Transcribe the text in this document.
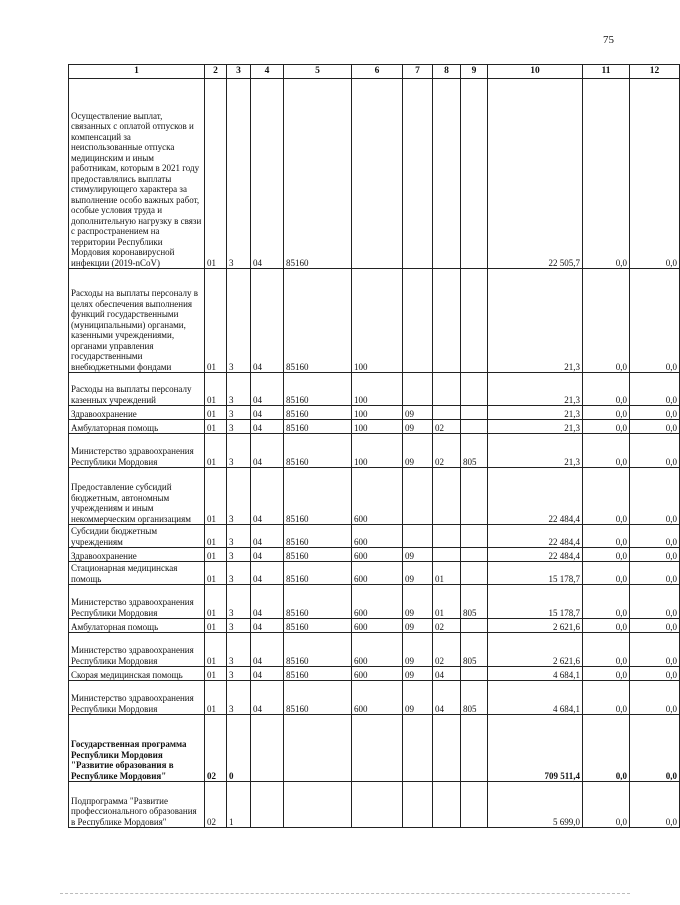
75
1	2	3	4	5	6	7	8	9	10	11	12
Осуществление выплат, связанных с оплатой отпусков и компенсаций за неиспользованные отпуска медицинским и иным работникам, которым в 2021 году предоставлялись выплаты стимулирующего характера за выполнение особо важных работ, особые условия труда и дополнительную нагрузку в связи с распространением на территории Республики Мордовия коронавирусной инфекции (2019-nCoV)	01	3	04	85160					22 505,7	0,0	0,0
Расходы на выплаты персоналу в целях обеспечения выполнения функций государственными (муниципальными) органами, казенными учреждениями, органами управления государственными внебюджетными фондами	01	3	04	85160	100				21,3	0,0	0,0
Расходы на выплаты персоналу казенных учреждений	01	3	04	85160	100				21,3	0,0	0,0
Здравоохранение	01	3	04	85160	100	09			21,3	0,0	0,0
Амбулаторная помощь	01	3	04	85160	100	09	02		21,3	0,0	0,0
Министерство здравоохранения Республики Мордовия	01	3	04	85160	100	09	02	805	21,3	0,0	0,0
Предоставление субсидий бюджетным, автономным учреждениям и иным некоммерческим организациям	01	3	04	85160	600				22 484,4	0,0	0,0
Субсидии бюджетным учреждениям	01	3	04	85160	600				22 484,4	0,0	0,0
Здравоохранение	01	3	04	85160	600	09			22 484,4	0,0	0,0
Стационарная медицинская помощь	01	3	04	85160	600	09	01		15 178,7	0,0	0,0
Министерство здравоохранения Республики Мордовия	01	3	04	85160	600	09	01	805	15 178,7	0,0	0,0
Амбулаторная помощь	01	3	04	85160	600	09	02		2 621,6	0,0	0,0
Министерство здравоохранения Республики Мордовия	01	3	04	85160	600	09	02	805	2 621,6	0,0	0,0
Скорая медицинская помощь	01	3	04	85160	600	09	04		4 684,1	0,0	0,0
Министерство здравоохранения Республики Мордовия	01	3	04	85160	600	09	04	805	4 684,1	0,0	0,0
Государственная программа Республики Мордовия "Развитие образования в Республике Мордовия"	02	0							709 511,4	0,0	0,0
Подпрограмма "Развитие профессионального образования в Республике Мордовия"	02	1							5 699,0	0,0	0,0
